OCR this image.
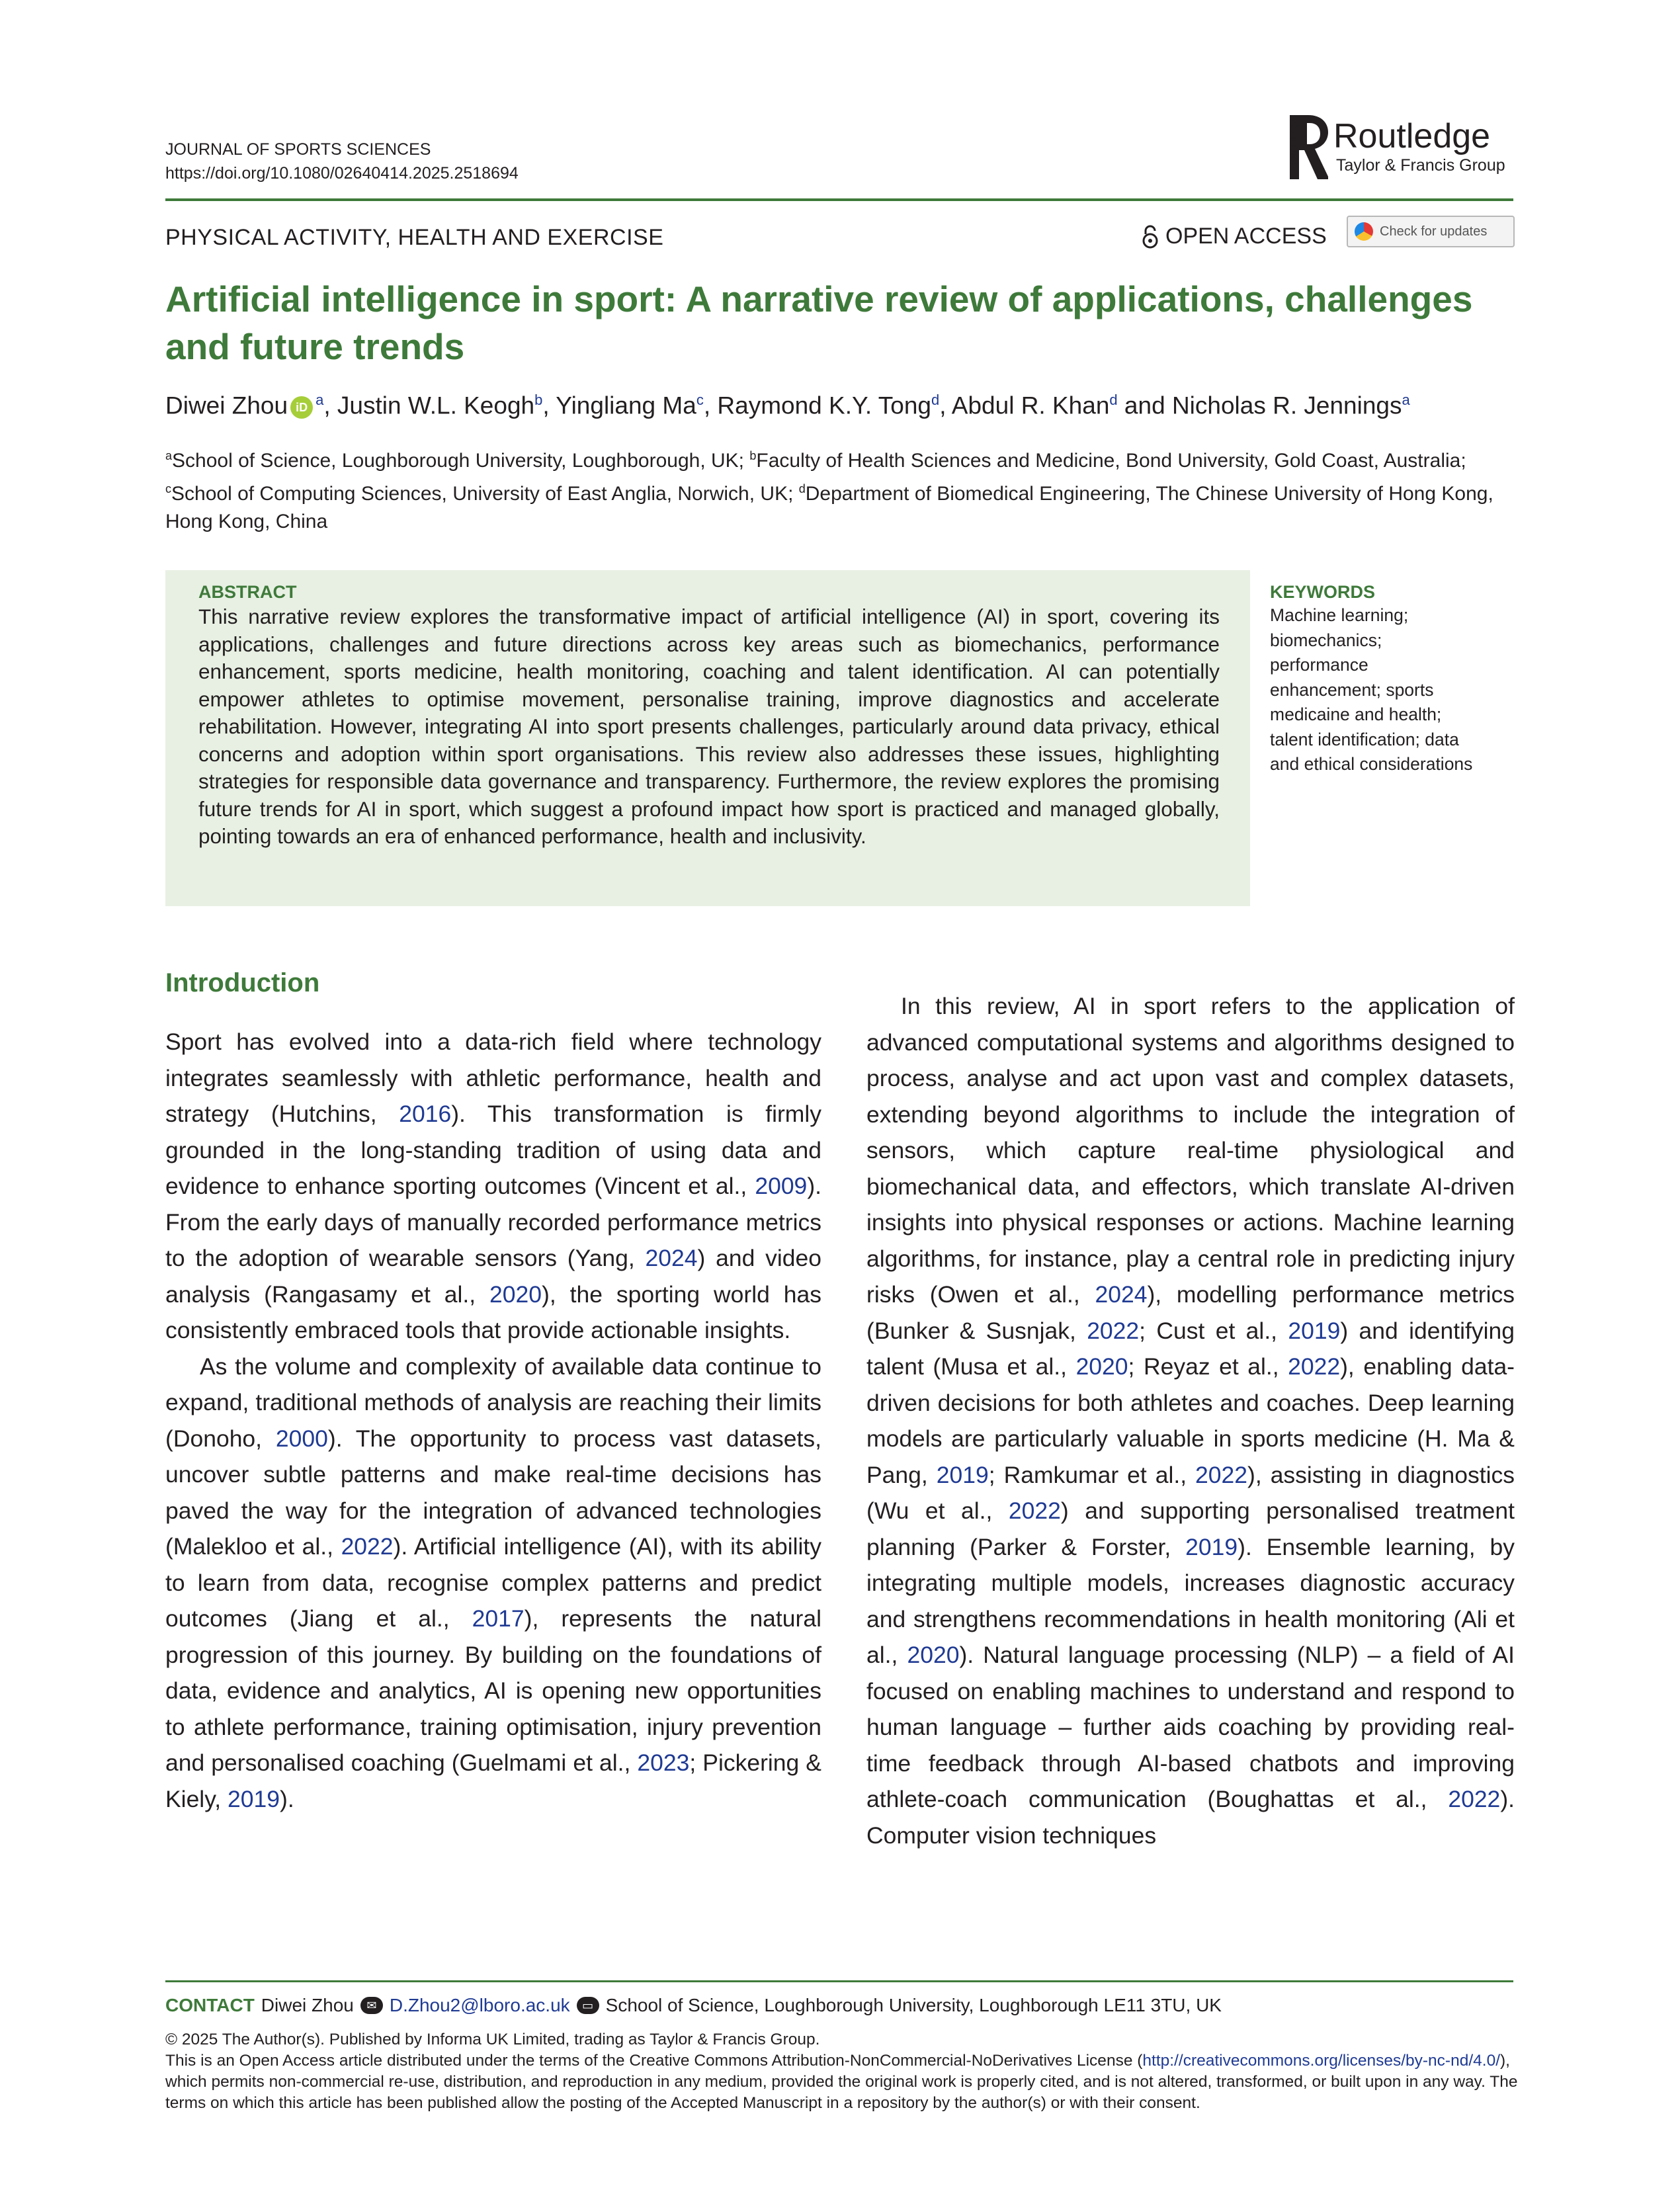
JOURNAL OF SPORTS SCIENCES
https://doi.org/10.1080/02640414.2025.2518694
ROUTLEDGE Routledge
Taylor & Francis Group
PHYSICAL ACTIVITY, HEALTH AND EXERCISE	OPEN ACCESS	Check for updates
Artificial intelligence in sport: A narrative review of applications, challenges and future trends
Diwei Zhou iD $^a$, Justin W.L. Keogh$^b$, Yingliang Ma$^c$, Raymond K.Y. Tong$^d$, Abdul R. Khan$^d$ and Nicholas R. Jennings$^a$
$^a$School of Science, Loughborough University, Loughborough, UK; $^b$Faculty of Health Sciences and Medicine, Bond University, Gold Coast, Australia; $^c$School of Computing Sciences, University of East Anglia, Norwich, UK; $^d$Department of Biomedical Engineering, The Chinese University of Hong Kong, Hong Kong, China
ABSTRACT
This narrative review explores the transformative impact of artificial intelligence (AI) in sport, covering its applications, challenges and future directions across key areas such as biomechanics, performance enhancement, sports medicine, health monitoring, coaching and talent identification. AI can potentially empower athletes to optimise movement, personalise training, improve diagnostics and accelerate rehabilitation. However, integrating AI into sport presents challenges, particularly around data privacy, ethical concerns and adoption within sport organisations. This review also addresses these issues, highlighting strategies for responsible data governance and transparency. Furthermore, the review explores the promising future trends for AI in sport, which suggest a profound impact how sport is practiced and managed globally, pointing towards an era of enhanced performance, health and inclusivity.
KEYWORDS
Machine learning; biomechanics; performance enhancement; sports medicaine and health; talent identification; data and ethical considerations
Introduction

Sport has evolved into a data-rich field where technology integrates seamlessly with athletic performance, health and strategy (Hutchins, 2016). This transformation is firmly grounded in the long-standing tradition of using data and evidence to enhance sporting outcomes (Vincent et al., 2009). From the early days of manually recorded performance metrics to the adoption of wearable sensors (Yang, 2024) and video analysis (Rangasamy et al., 2020), the sporting world has consistently embraced tools that provide actionable insights.

As the volume and complexity of available data continue to expand, traditional methods of analysis are reaching their limits (Donoho, 2000). The opportunity to process vast datasets, uncover subtle patterns and make real-time decisions has paved the way for the integration of advanced technologies (Malekloo et al., 2022). Artificial intelligence (AI), with its ability to learn from data, recognise complex patterns and predict outcomes (Jiang et al., 2017), represents the natural progression of this journey. By building on the foundations of data, evidence and analytics, AI is opening new opportunities to athlete performance, training optimisation, injury prevention and personalised coaching (Guelmami et al., 2023; Pickering & Kiely, 2019).

In this review, AI in sport refers to the application of advanced computational systems and algorithms designed to process, analyse and act upon vast and complex datasets, extending beyond algorithms to include the integration of sensors, which capture real-time physiological and biomechanical data, and effectors, which translate AI-driven insights into physical responses or actions. Machine learning algorithms, for instance, play a central role in predicting injury risks (Owen et al., 2024), modelling performance metrics (Bunker & Susnjak, 2022; Cust et al., 2019) and identifying talent (Musa et al., 2020; Reyaz et al., 2022), enabling data-driven decisions for both athletes and coaches. Deep learning models are particularly valuable in sports medicine (H. Ma & Pang, 2019; Ramkumar et al., 2022), assisting in diagnostics (Wu et al., 2022) and supporting personalised treatment planning (Parker & Forster, 2019). Ensemble learning, by integrating multiple models, increases diagnostic accuracy and strengthens recommendations in health monitoring (Ali et al., 2020). Natural language processing (NLP) – a field of AI focused on enabling machines to understand and respond to human language – further aids coaching by providing real-time feedback through AI-based chatbots and improving athlete-coach communication (Boughattas et al., 2022). Computer vision techniques

CONTACT Diwei Zhou	✉ D.Zhou2@lboro.ac.uk	▭ School of Science, Loughborough University, Loughborough LE11 3TU, UK
© 2025 The Author(s). Published by Informa UK Limited, trading as Taylor & Francis Group.
This is an Open Access article distributed under the terms of the Creative Commons Attribution-NonCommercial-NoDerivatives License (http://creativecommons.org/licenses/by-nc-nd/4.0/), which permits non-commercial re-use, distribution, and reproduction in any medium, provided the original work is properly cited, and is not altered, transformed, or built upon in any way. The terms on which this article has been published allow the posting of the Accepted Manuscript in a repository by the author(s) or with their consent.
